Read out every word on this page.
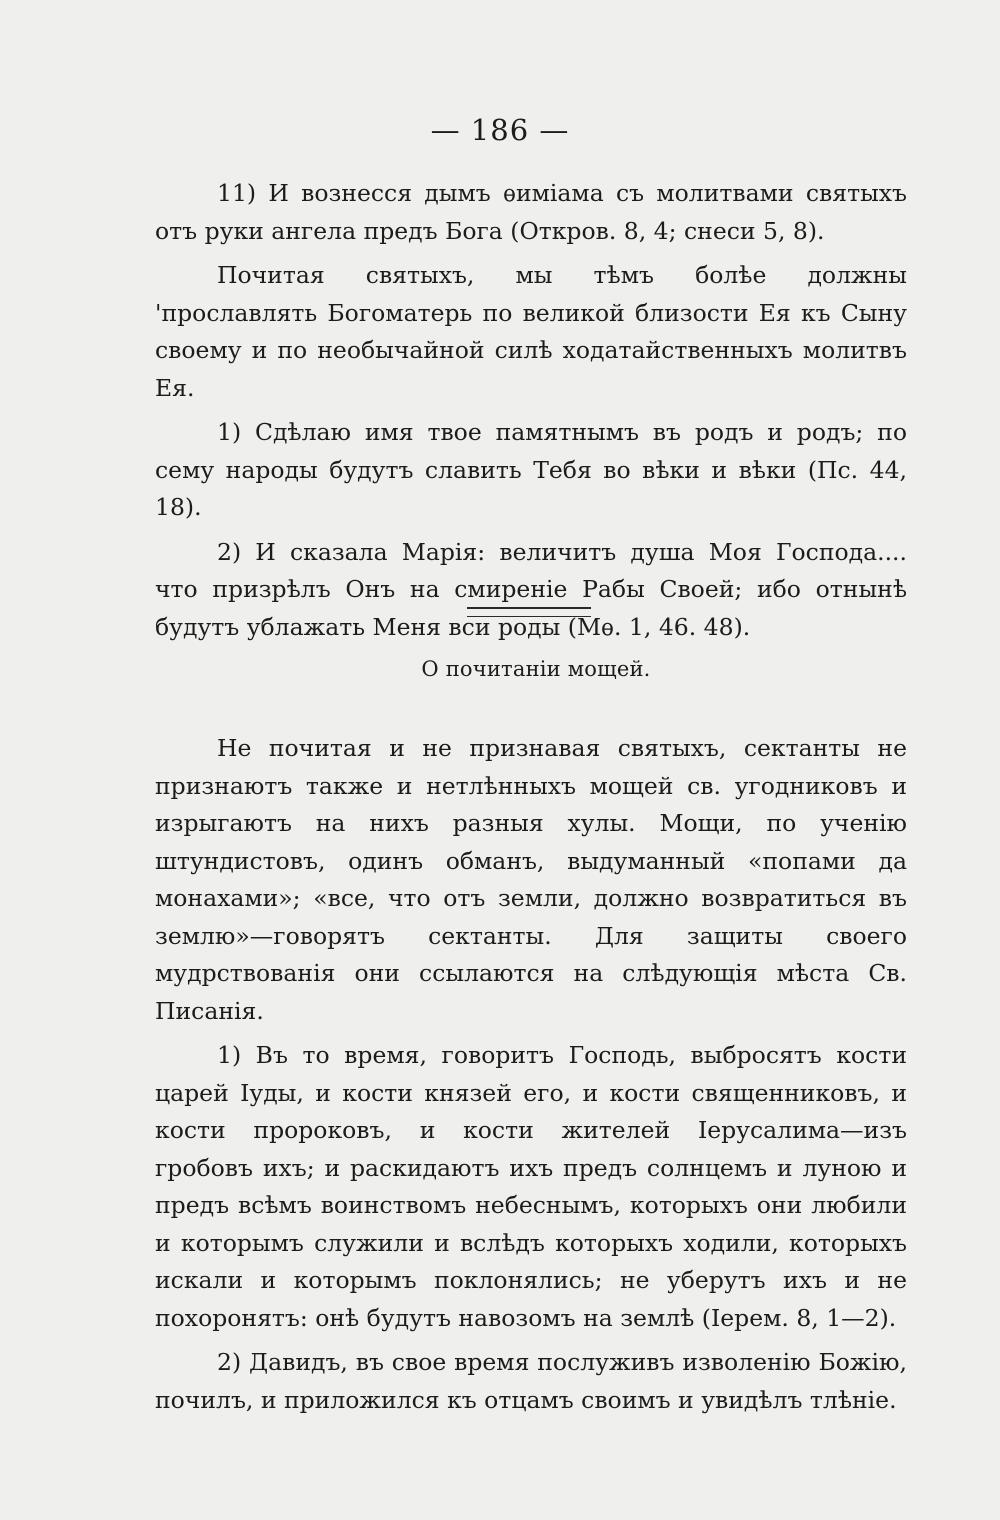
— 186 —

11) И вознесся дымъ ѳиміама съ молитвами святыхъ отъ руки ангела предъ Бога (Откров. 8, 4; снеси 5, 8).

Почитая святыхъ, мы тѣмъ болѣе должны 'прославлять Богоматерь по великой близости Ея къ Сыну своему и по необычайной силѣ ходатайственныхъ молитвъ Ея.

1) Сдѣлаю имя твое памятнымъ въ родъ и родъ; по сему народы будутъ славить Тебя во вѣки и вѣки (Пс. 44, 18).

2) И сказала Марія: величитъ душа Моя Господа.... что призрѣлъ Онъ на смиреніе Рабы Своей; ибо отнынѣ будутъ ублажать Меня вси роды (Мѳ. 1, 46. 48).

О почитаніи мощей.

Не почитая и не признавая святыхъ, сектанты не признаютъ также и нетлѣнныхъ мощей св. угодниковъ и изрыгаютъ на нихъ разныя хулы. Мощи, по ученію штундистовъ, одинъ обманъ, выдуманный «попами да монахами»; «все, что отъ земли, должно возвратиться въ землю»—говорятъ сектанты. Для защиты своего мудрствованія они ссылаются на слѣдующія мѣста Св. Писанія.

1) Въ то время, говоритъ Господь, выбросятъ кости царей Іуды, и кости князей его, и кости священниковъ, и кости пророковъ, и кости жителей Іерусалима—изъ гробовъ ихъ; и раскидаютъ ихъ предъ солнцемъ и луною и предъ всѣмъ воинствомъ небеснымъ, которыхъ они любили и которымъ служили и вслѣдъ которыхъ ходили, которыхъ искали и которымъ поклонялись; не уберутъ ихъ и не похоронятъ: онѣ будутъ навозомъ на землѣ (Іерем. 8, 1—2).

2) Давидъ, въ свое время послуживъ изволенію Божію, почилъ, и приложился къ отцамъ своимъ и увидѣлъ тлѣніе.
